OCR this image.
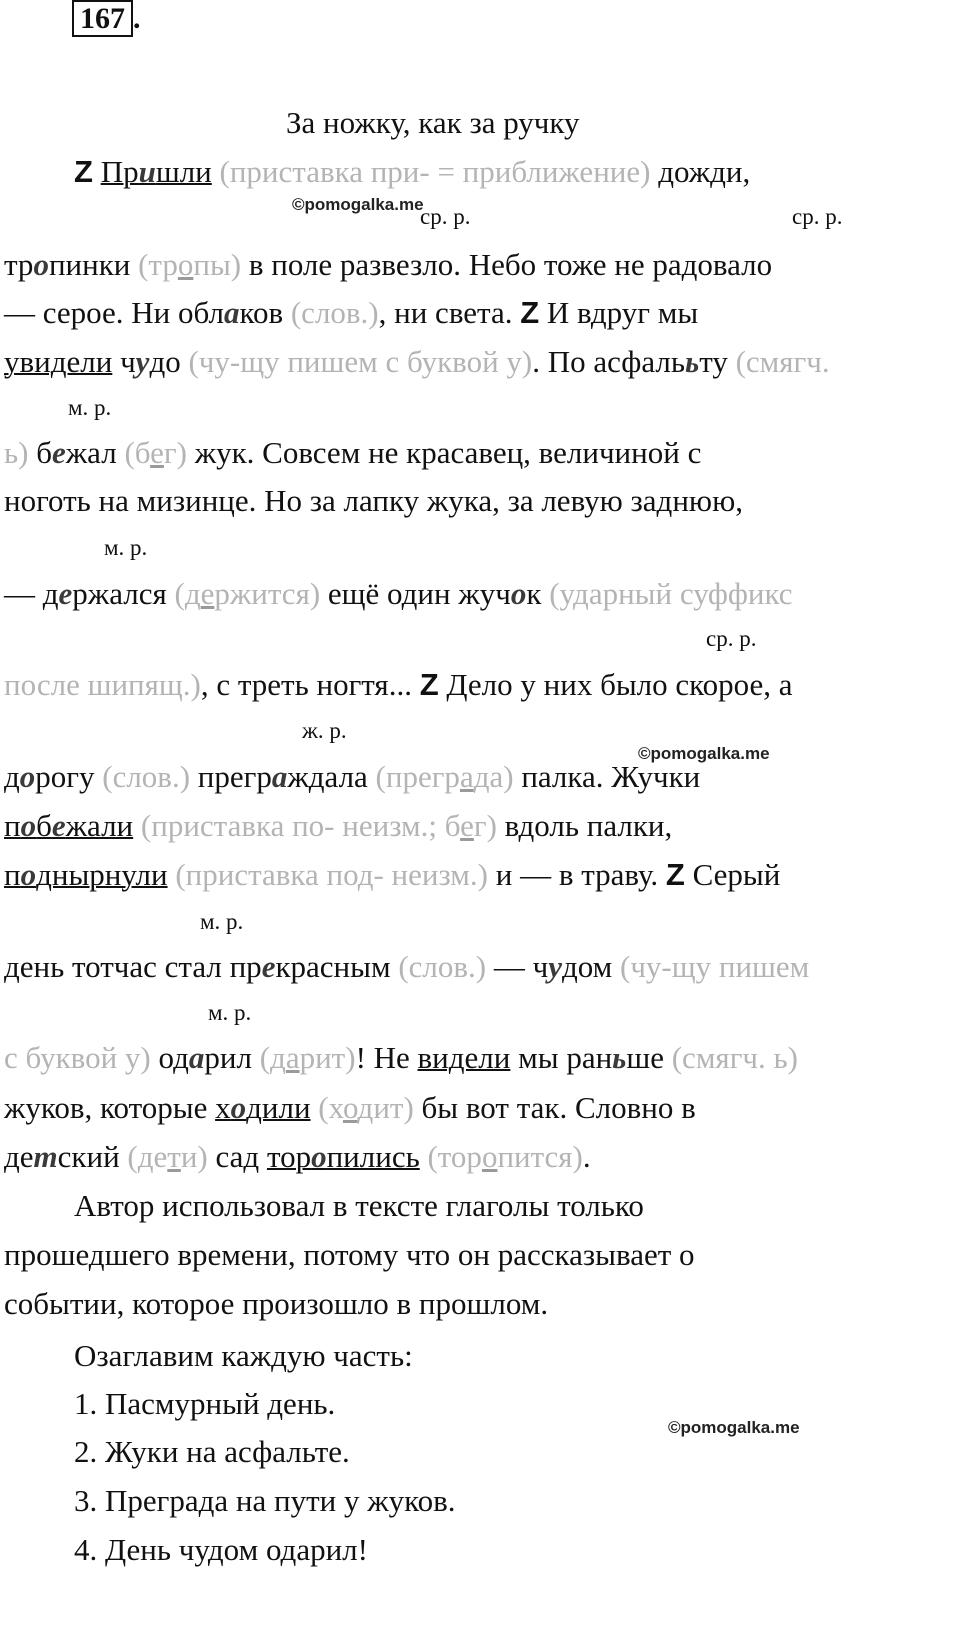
167 .
За ножку, как за ручку
Z Пришли (приставка при- = приближение) дожди,
©pomogalka.me
ср. р.	ср. р.
тропинки (тропы) в поле развезло. Небо тоже не радовало
— серое. Ни облаков (слов.), ни света. Z И вдруг мы
увидели чудо (чу-щу пишем с буквой у). По асфалььту (смягч.
м. р.
ь) бежал (бег) жук. Совсем не красавец, величиной с
ноготь на мизинце. Но за лапку жука, за левую заднюю,
м. р.
— держался (держится) ещё один жучок (ударный суффикс
ср. р.
после шипящ.), с треть ногтя... Z Дело у них было скорое, а
ж. р.
©pomogalka.me
дорогу (слов.) преграждала (преграда) палка. Жучки
побежали (приставка по- неизм.; бег) вдоль палки,
поднырнули (приставка под- неизм.) и — в траву. Z Серый
м. р.
день тотчас стал прекрасным (слов.) — чудом (чу-щу пишем
м. р.
с буквой у) одарил (дарит)! Не видели мы раньше (смягч. ь)
жуков, которые ходили (ходит) бы вот так. Словно в
детский (дети) сад торопились (торопится).
Автор использовал в тексте глаголы только
прошедшего времени, потому что он рассказывает о
событии, которое произошло в прошлом.
Озаглавим каждую часть:
1. Пасмурный день.
©pomogalka.me
2. Жуки на асфальте.
3. Преграда на пути у жуков.
4. День чудом одарил!
